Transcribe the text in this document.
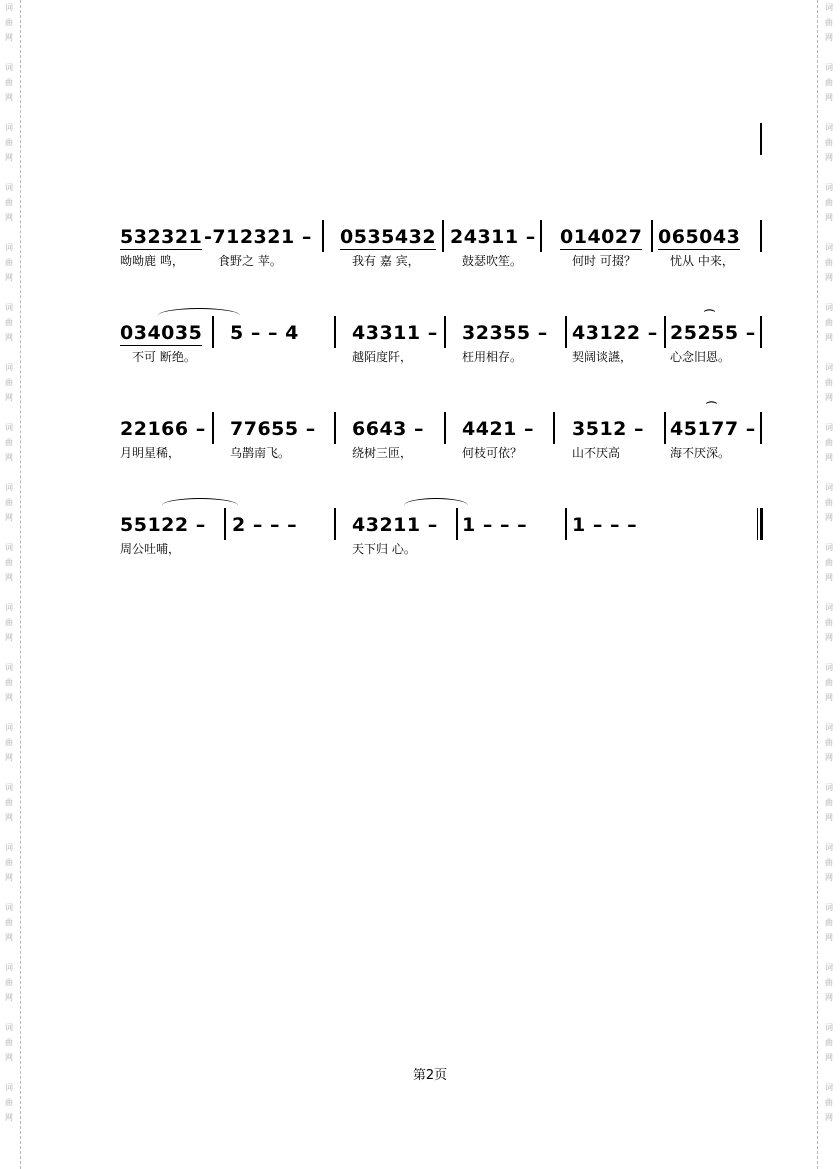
词
曲
网
词
曲
网
词
曲
网
词
曲
网
词
曲
网
词
曲
网
词
曲
网
词
曲
网
词
曲
网
词
曲
网
词
曲
网
词
曲
网
词
曲
网
词
曲
网
词
曲
网
词
曲
网
词
曲
网
词
曲
网
词
曲
网
词
曲
网
词
曲
网
词
曲
网
词
曲
网
词
曲
网
词
曲
网
词
曲
网
词
曲
网
词
曲
网
词
曲
网
词
曲
网
词
曲
网
词
曲
网
词
曲
网
词
曲
网
词
曲
网
词
曲
网
词
曲
网
词
曲
网
532321
呦呦鹿 鸣，
-712321 –
食野之 苹。
0535432
我有 嘉 宾，
24311 –
鼓瑟吹笙。
014027
何时 可掇？
065043
忧从 中来，
034035
不可 断绝。
5 – – 4	43311 –
越陌度阡，
32355 –
枉用相存。
43122 –
契阔谈讌，
25255 –
心念旧恩。
⌒
22166 –
月明星稀，
77655 –
乌鹊南飞。
6643 –
绕树三匝，
4421 –
何枝可依？
3512 –
山不厌高
45177 –
海不厌深。
⌒
55122 –
周公吐哺，
2 – – –	43211 –
天下归 心。
1 – – – 1 – – –
第2页
